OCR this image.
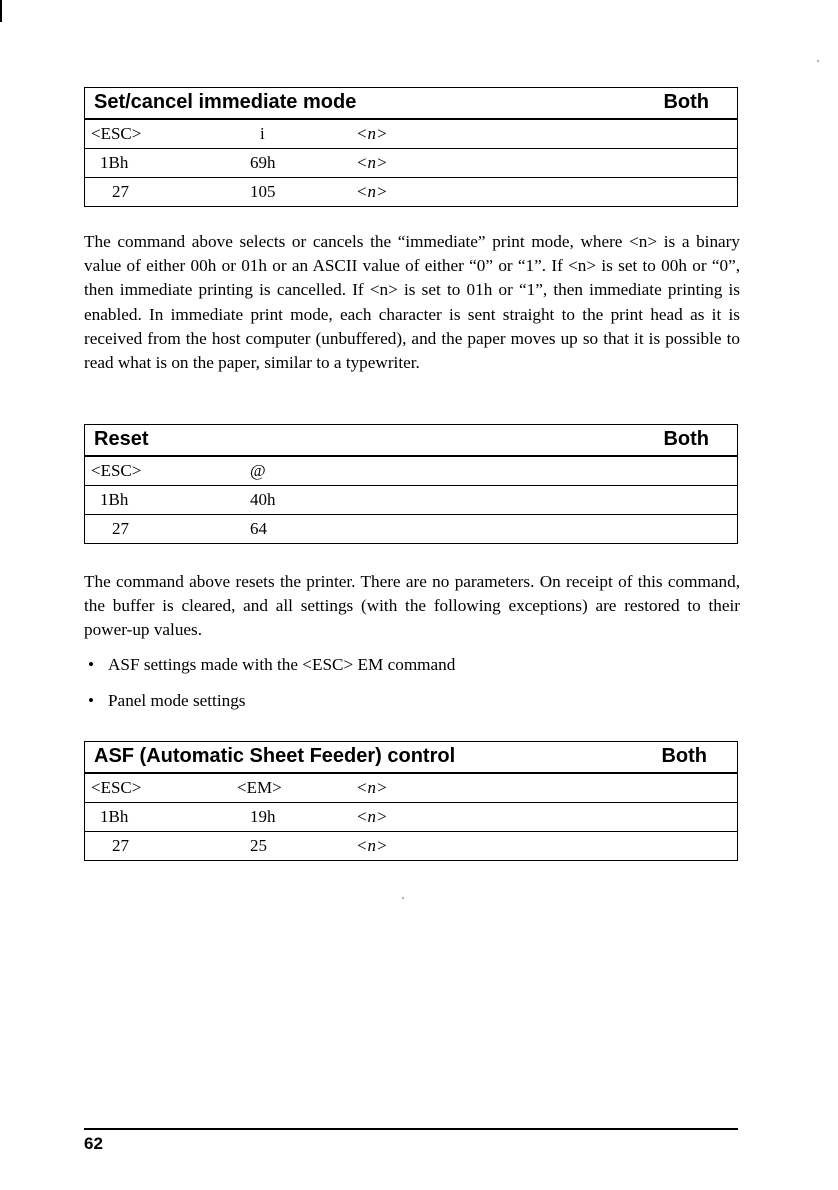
Set/cancel immediate mode	Both
<ESC>	i	<n>
1Bh	69h	<n>
27	105	<n>

The command above selects or cancels the “immediate” print mode, where <n> is a binary value of either 00h or 01h or an ASCII value of either “0” or “1”. If <n> is set to 00h or “0”, then immediate printing is cancelled. If <n> is set to 01h or “1”, then immediate printing is enabled. In immediate print mode, each character is sent straight to the print head as it is received from the host computer (unbuffered), and the paper moves up so that it is possible to read what is on the paper, similar to a typewriter.

Reset	Both
<ESC>	@
1Bh	40h
27	64

The command above resets the printer. There are no parameters. On receipt of this command, the buffer is cleared, and all settings (with the following exceptions) are restored to their power-up values.

• ASF settings made with the <ESC> EM command
• Panel mode settings
ASF (Automatic Sheet Feeder) control	Both
<ESC>	<EM>	<n>
1Bh	19h	<n>
27	25	<n>
62
